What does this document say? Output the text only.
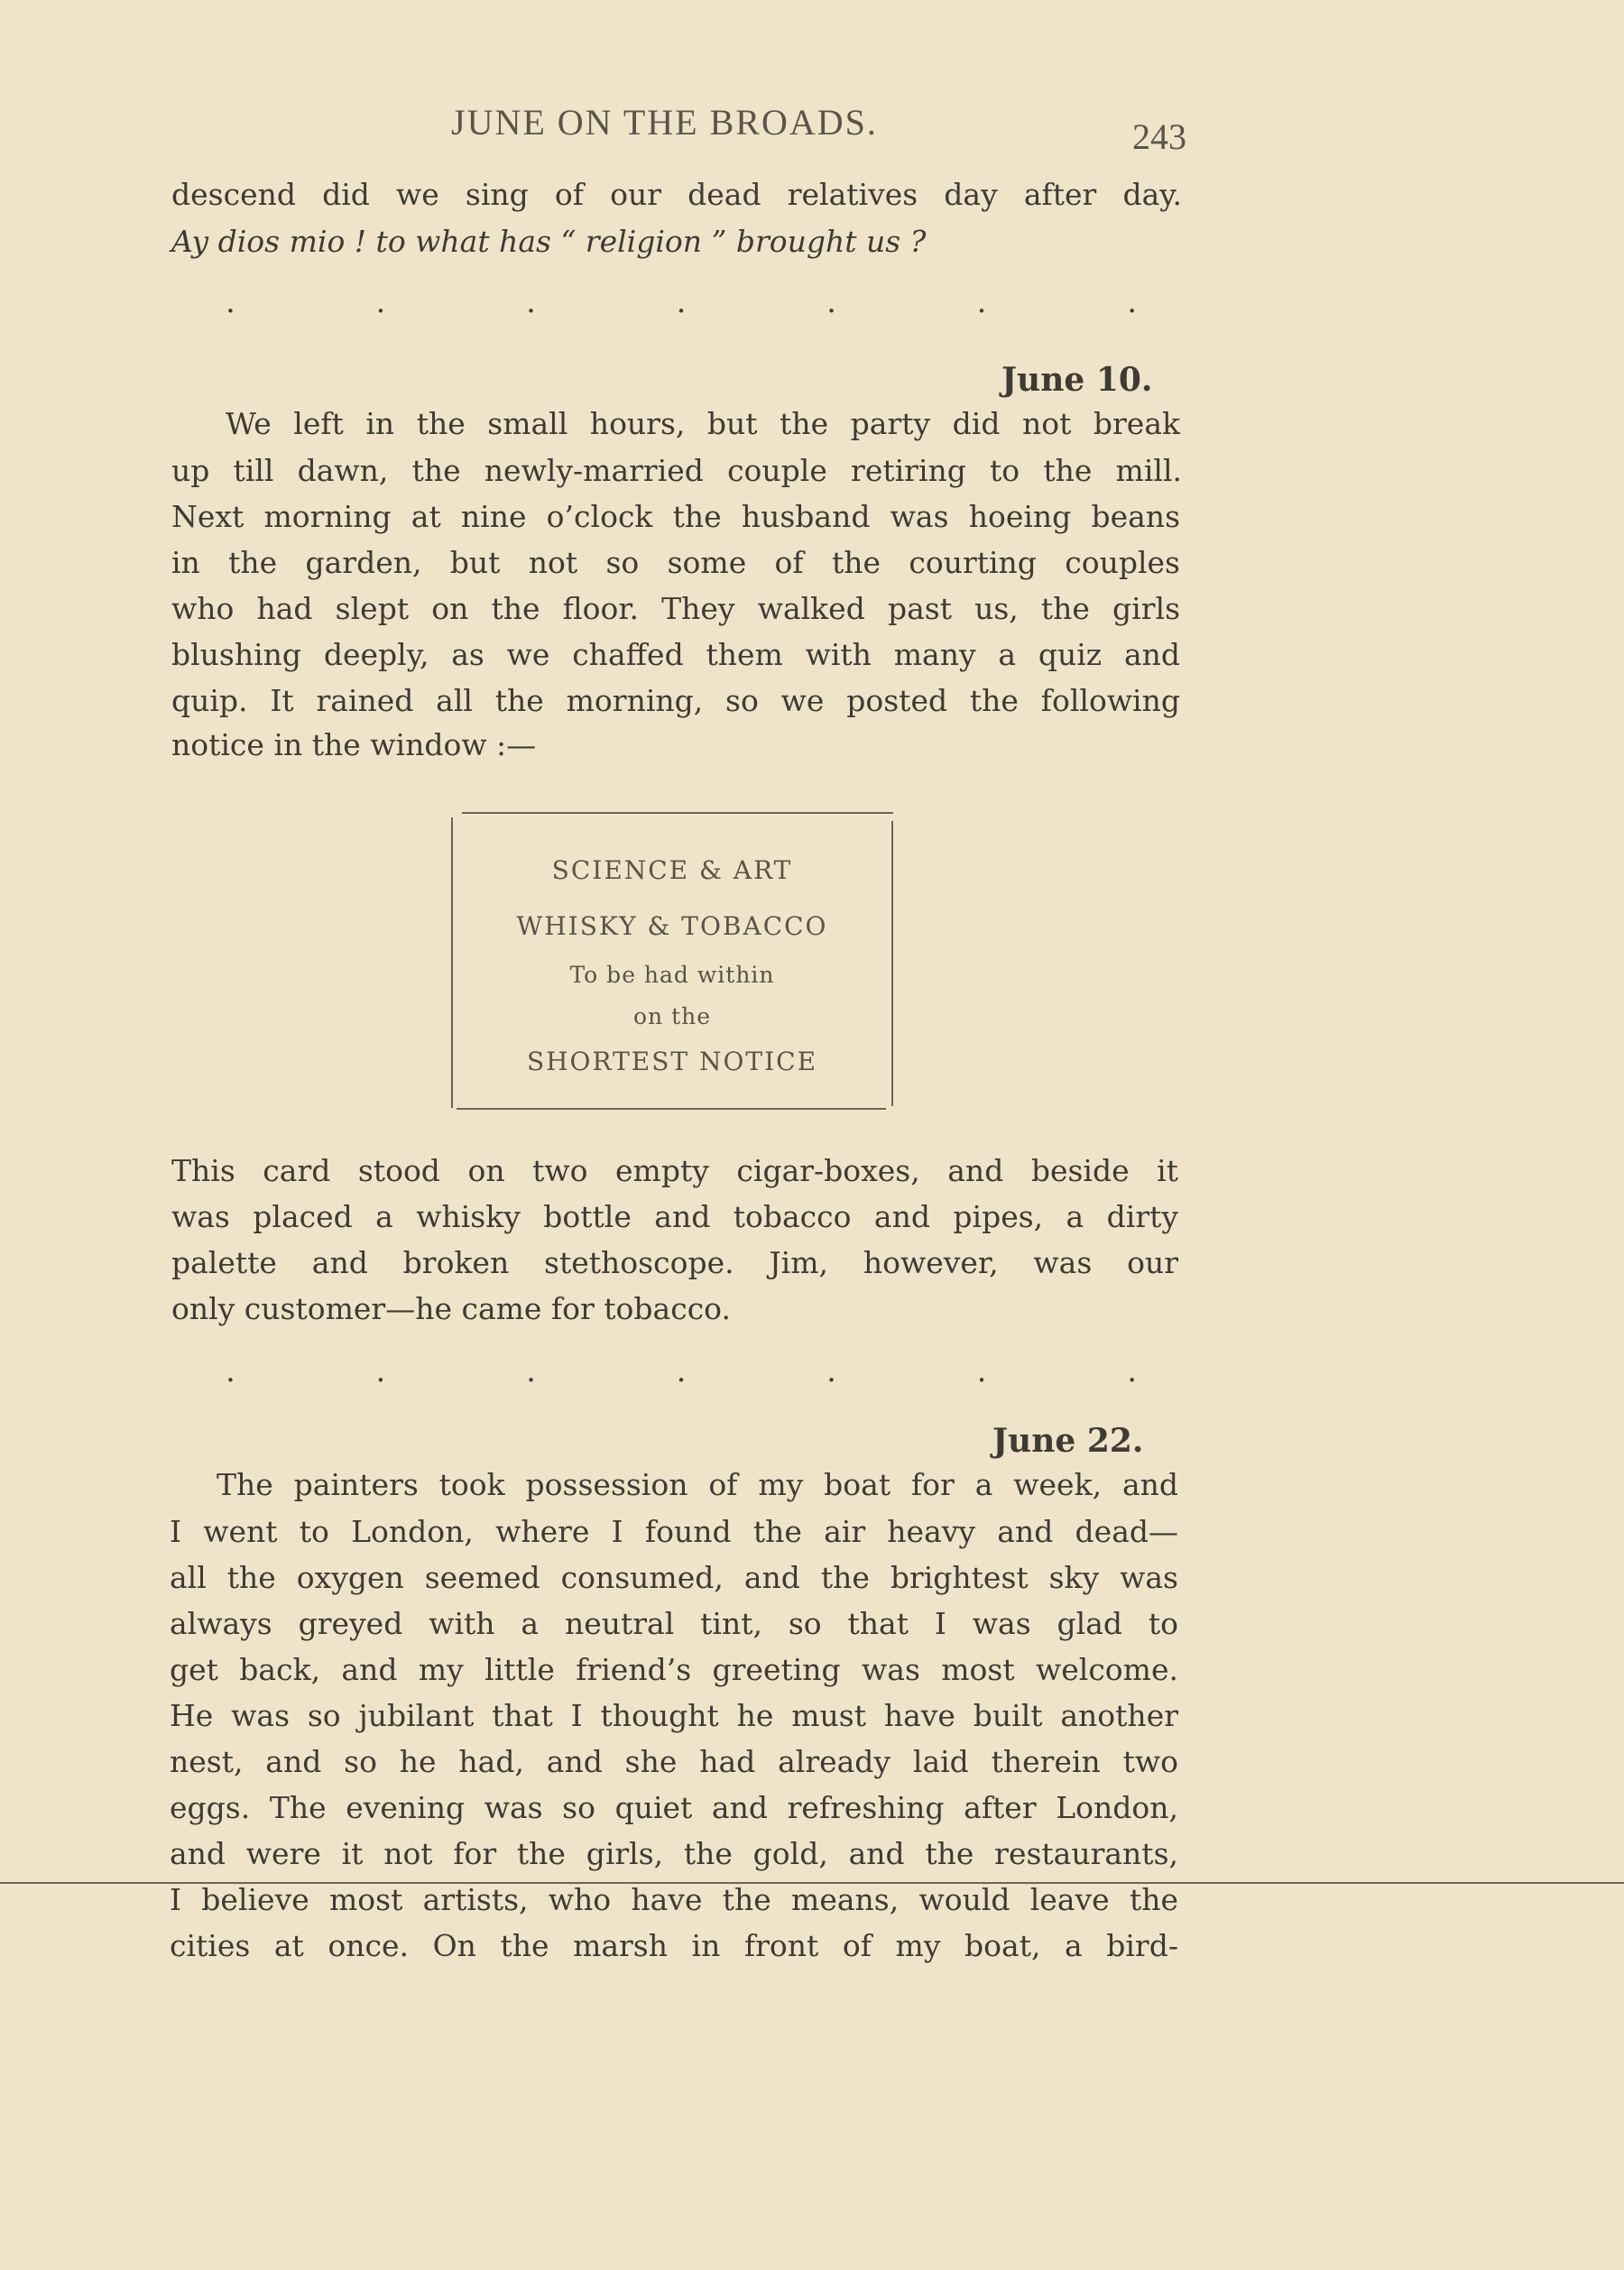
JUNE ON THE BROADS.	243
descend did we sing of our dead relatives day after day.
Ay dios mio ! to what has “ religion ” brought us ?
.	.	.	.	.	.	.
June 10.
We left in the small hours, but the party did not break
up till dawn, the newly-married couple retiring to the mill.
Next morning at nine o’clock the husband was hoeing beans
in the garden, but not so some of the courting couples
who had slept on the floor. They walked past us, the girls
blushing deeply, as we chaffed them with many a quiz and
quip. It rained all the morning, so we posted the following
notice in the window :—
SCIENCE & ART
WHISKY & TOBACCO
To be had within
on the
SHORTEST NOTICE
This card stood on two empty cigar-boxes, and beside it
was placed a whisky bottle and tobacco and pipes, a dirty
palette and broken stethoscope. Jim, however, was our
only customer—he came for tobacco.
.	.	.	.	.	.	.
June 22.
The painters took possession of my boat for a week, and
I went to London, where I found the air heavy and dead—
all the oxygen seemed consumed, and the brightest sky was
always greyed with a neutral tint, so that I was glad to
get back, and my little friend’s greeting was most welcome.
He was so jubilant that I thought he must have built another
nest, and so he had, and she had already laid therein two
eggs. The evening was so quiet and refreshing after London,
and were it not for the girls, the gold, and the restaurants,
I believe most artists, who have the means, would leave the
cities at once. On the marsh in front of my boat, a bird-
